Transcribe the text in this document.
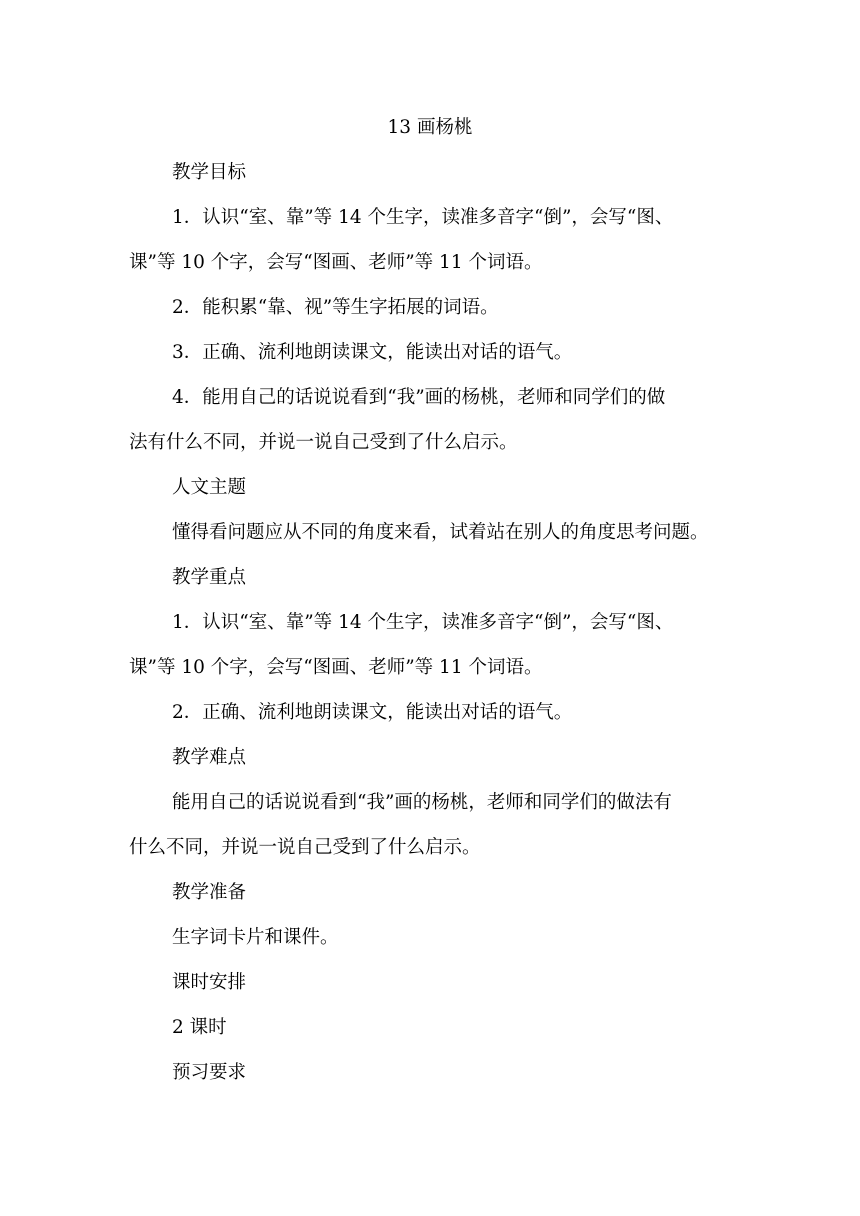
13 画杨桃
教学目标
1．认识“室、靠”等 14 个生字，读准多音字“倒”，会写“图、
课”等 10 个字，会写“图画、老师”等 11 个词语。
2．能积累“靠、视”等生字拓展的词语。
3．正确、流利地朗读课文，能读出对话的语气。
4．能用自己的话说说看到“我”画的杨桃，老师和同学们的做
法有什么不同，并说一说自己受到了什么启示。
人文主题
懂得看问题应从不同的角度来看，试着站在别人的角度思考问题。
教学重点
1．认识“室、靠”等 14 个生字，读准多音字“倒”，会写“图、
课”等 10 个字，会写“图画、老师”等 11 个词语。
2．正确、流利地朗读课文，能读出对话的语气。
教学难点
能用自己的话说说看到“我”画的杨桃，老师和同学们的做法有
什么不同，并说一说自己受到了什么启示。
教学准备
生字词卡片和课件。
课时安排
2 课时
预习要求
